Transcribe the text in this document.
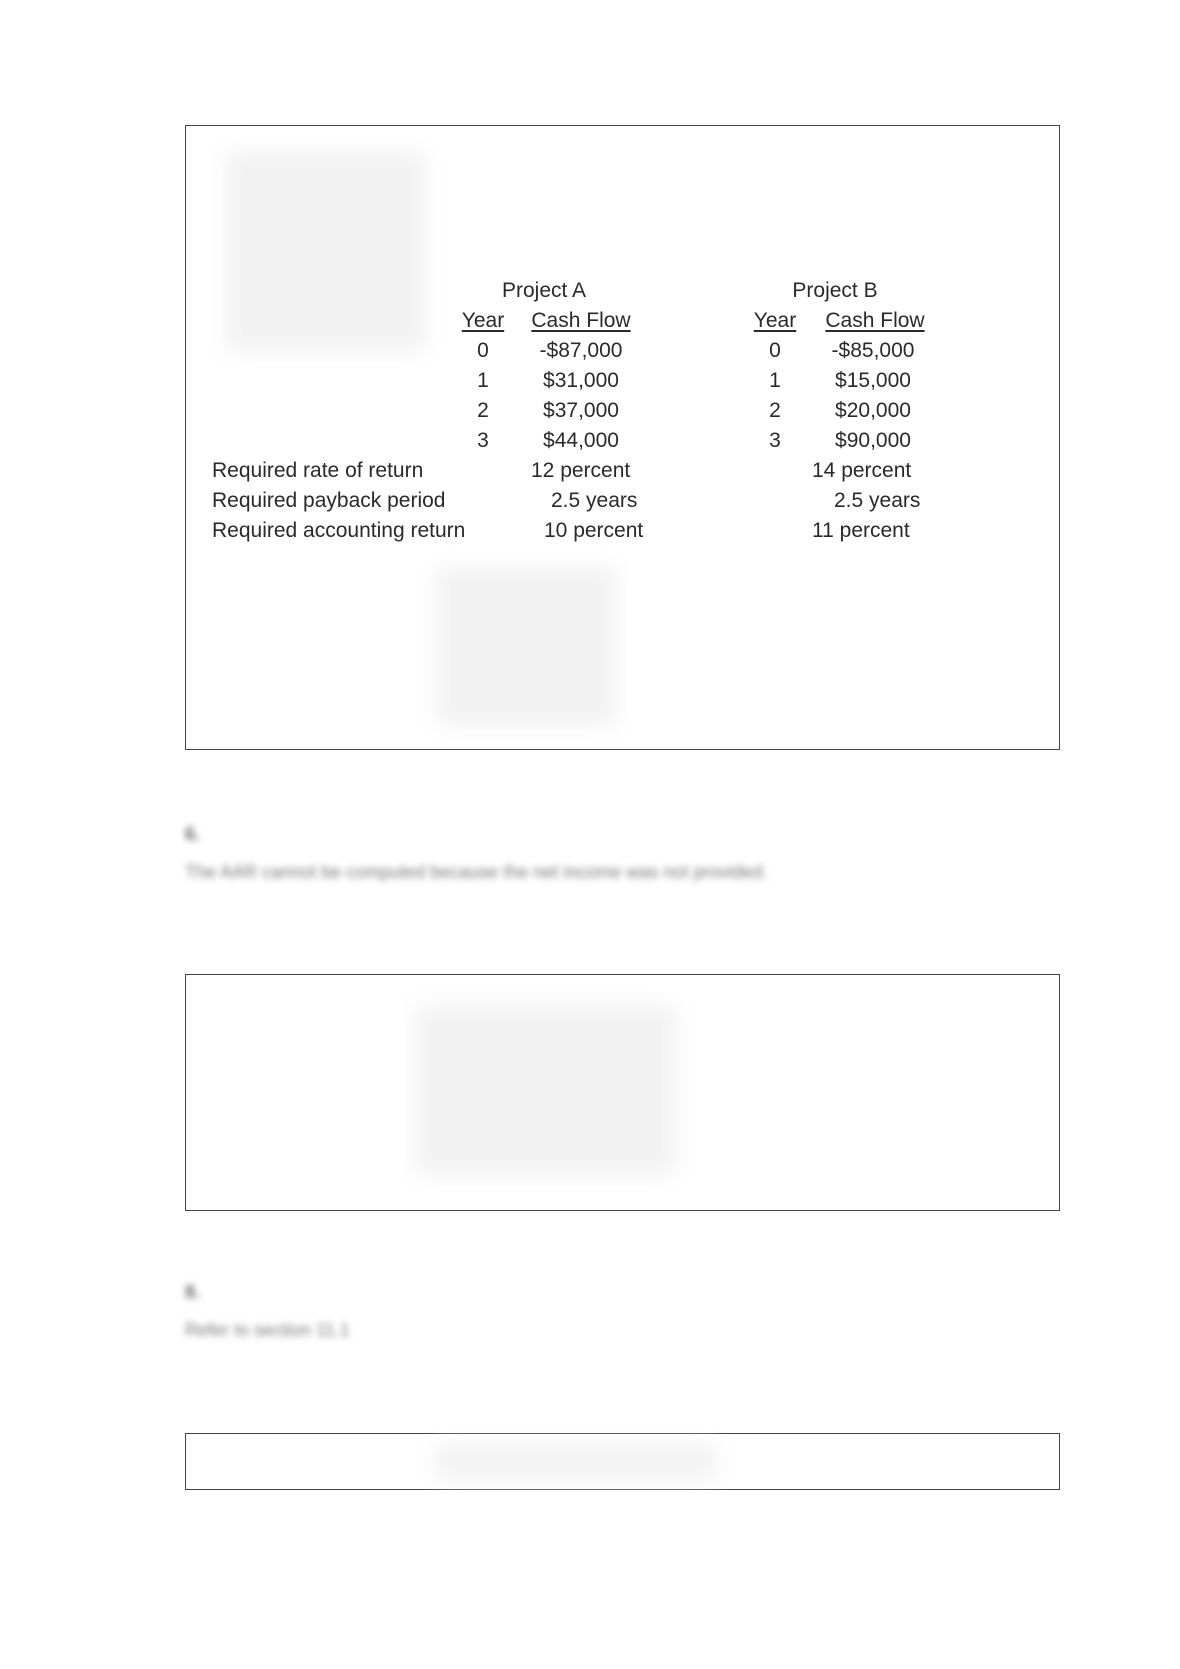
Project A
Year Cash Flow
0
1
2
3
-$87,000
$31,000
$37,000
$44,000
Project B
Year Cash Flow
0
1
2
3
-$85,000
$15,000
$20,000
$90,000
Required rate of return
Required payback period
Required accounting return
12 percent
2.5 years
10 percent
14 percent
2.5 years
11 percent
6.
The AAR cannot be computed because the net income was not provided.
8.
Refer to section 11.1
